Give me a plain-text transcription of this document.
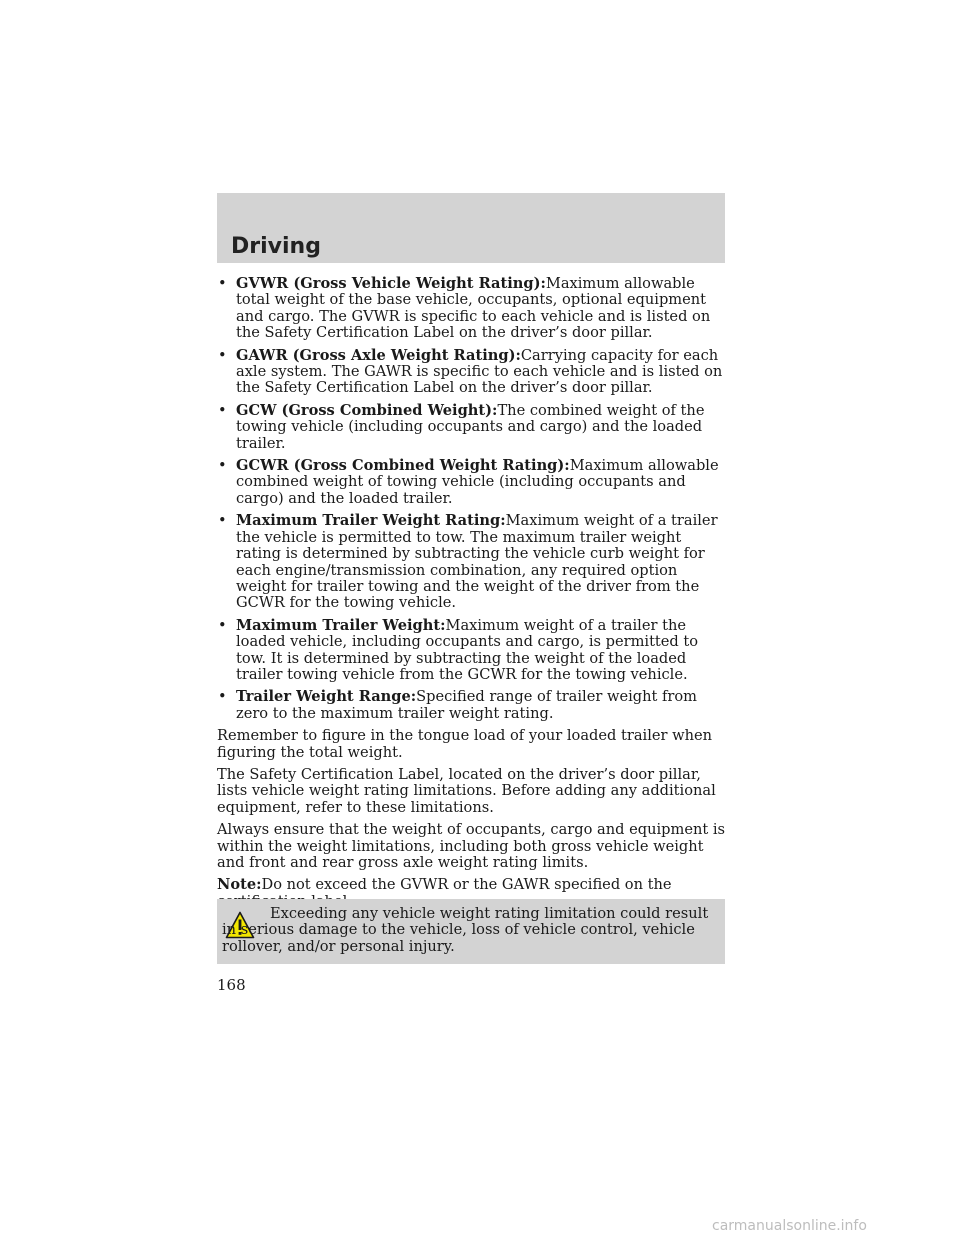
Driving
• GVWR (Gross Vehicle Weight Rating):Maximum allowable total weight of the base vehicle, occupants, optional equipment and cargo. The GVWR is specific to each vehicle and is listed on the Safety Certification Label on the driver’s door pillar.
• GAWR (Gross Axle Weight Rating):Carrying capacity for each axle system. The GAWR is specific to each vehicle and is listed on the Safety Certification Label on the driver’s door pillar.
• GCW (Gross Combined Weight):The combined weight of the towing vehicle (including occupants and cargo) and the loaded trailer.
• GCWR (Gross Combined Weight Rating):Maximum allowable combined weight of towing vehicle (including occupants and cargo) and the loaded trailer.
• Maximum Trailer Weight Rating:Maximum weight of a trailer the vehicle is permitted to tow. The maximum trailer weight rating is determined by subtracting the vehicle curb weight for each engine/transmission combination, any required option weight for trailer towing and the weight of the driver from the GCWR for the towing vehicle.
• Maximum Trailer Weight:Maximum weight of a trailer the loaded vehicle, including occupants and cargo, is permitted to tow. It is determined by subtracting the weight of the loaded trailer towing vehicle from the GCWR for the towing vehicle.
• Trailer Weight Range:Specified range of trailer weight from zero to the maximum trailer weight rating.

Remember to figure in the tongue load of your loaded trailer when figuring the total weight.

The Safety Certification Label, located on the driver’s door pillar, lists vehicle weight rating limitations. Before adding any additional equipment, refer to these limitations.

Always ensure that the weight of occupants, cargo and equipment is within the weight limitations, including both gross vehicle weight and front and rear gross axle weight rating limits.

Note:Do not exceed the GVWR or the GAWR specified on the

Exceeding any vehicle weight rating limitation could result in serious damage to the vehicle, loss of vehicle control, vehicle rollover, and/or personal injury.

168

carmanualsonline.info
